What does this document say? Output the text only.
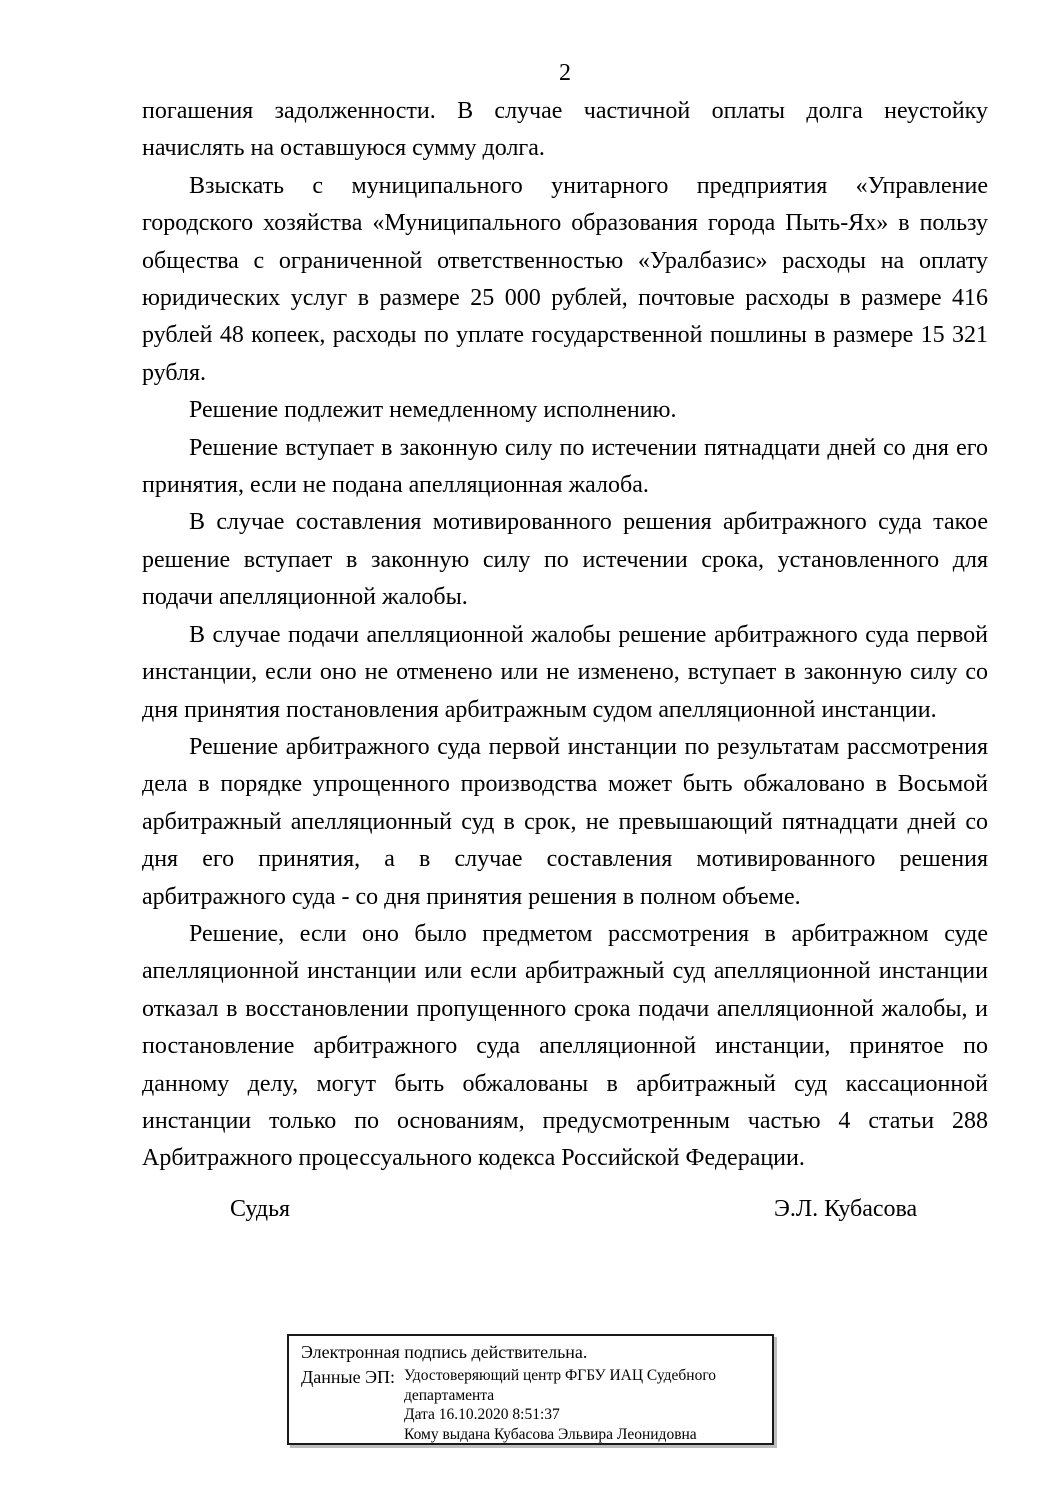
2

погашения задолженности. В случае частичной оплаты долга неустойку начислять на оставшуюся сумму долга.

Взыскать с муниципального унитарного предприятия «Управление городского хозяйства «Муниципального образования города Пыть-Ях» в пользу общества с ограниченной ответственностью «Уралбазис» расходы на оплату юридических услуг в размере 25 000 рублей, почтовые расходы в размере 416 рублей 48 копеек, расходы по уплате государственной пошлины в размере 15 321 рубля.

Решение подлежит немедленному исполнению.

Решение вступает в законную силу по истечении пятнадцати дней со дня его принятия, если не подана апелляционная жалоба.

В случае составления мотивированного решения арбитражного суда такое решение вступает в законную силу по истечении срока, установленного для подачи апелляционной жалобы.

В случае подачи апелляционной жалобы решение арбитражного суда первой инстанции, если оно не отменено или не изменено, вступает в законную силу со дня принятия постановления арбитражным судом апелляционной инстанции.

Решение арбитражного суда первой инстанции по результатам рассмотрения дела в порядке упрощенного производства может быть обжаловано в Восьмой арбитражный апелляционный суд в срок, не превышающий пятнадцати дней со дня его принятия, а в случае составления мотивированного решения арбитражного суда - со дня принятия решения в полном объеме.

Решение, если оно было предметом рассмотрения в арбитражном суде апелляционной инстанции или если арбитражный суд апелляционной инстанции отказал в восстановлении пропущенного срока подачи апелляционной жалобы, и постановление арбитражного суда апелляционной инстанции, принятое по данному делу, могут быть обжалованы в арбитражный суд кассационной инстанции только по основаниям, предусмотренным частью 4 статьи 288 Арбитражного процессуального кодекса Российской Федерации.

Судья	Э.Л. Кубасова
Электронная подпись действительна.
Данные ЭП: Удостоверяющий центр ФГБУ ИАЦ Судебного департамента
Дата 16.10.2020 8:51:37
Кому выдана Кубасова Эльвира Леонидовна
